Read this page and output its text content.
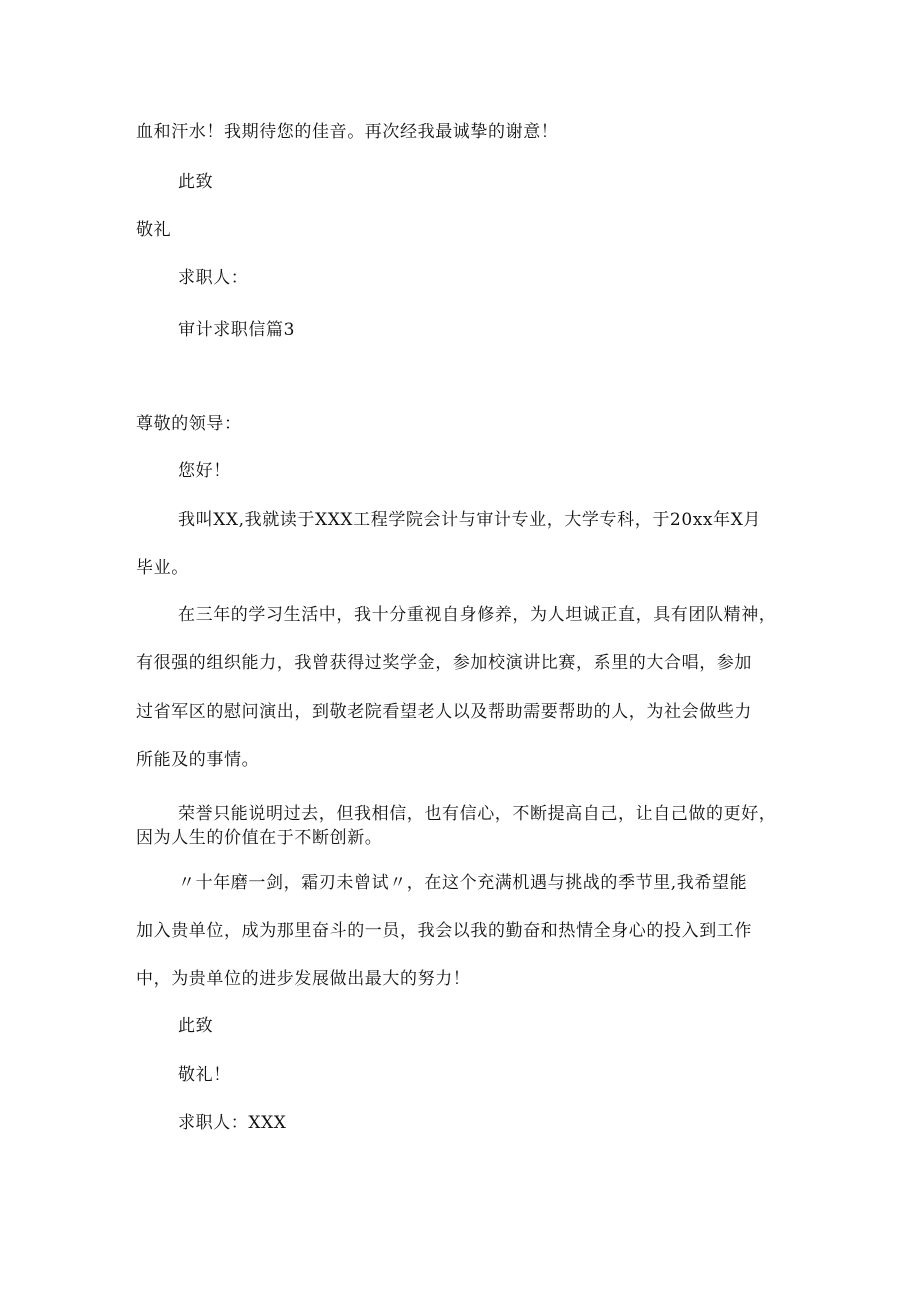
血和汗水！我期待您的佳音。再次经我最诚挚的谢意！
此致
敬礼
求职人：
审计求职信篇3
尊敬的领导：
您好！
我叫XX,我就读于XXX工程学院会计与审计专业，大学专科，于20xx年X月
毕业。
在三年的学习生活中，我十分重视自身修养，为人坦诚正直，具有团队精神，
有很强的组织能力，我曾获得过奖学金，参加校演讲比赛，系里的大合唱，参加
过省军区的慰问演出，到敬老院看望老人以及帮助需要帮助的人，为社会做些力
所能及的事情。
荣誉只能说明过去，但我相信，也有信心，不断提高自己，让自己做的更好，
因为人生的价值在于不断创新。
〃十年磨一剑，霜刃未曾试〃，在这个充满机遇与挑战的季节里,我希望能
加入贵单位，成为那里奋斗的一员，我会以我的勤奋和热情全身心的投入到工作
中，为贵单位的进步发展做出最大的努力！
此致
敬礼！
求职人：XXX
